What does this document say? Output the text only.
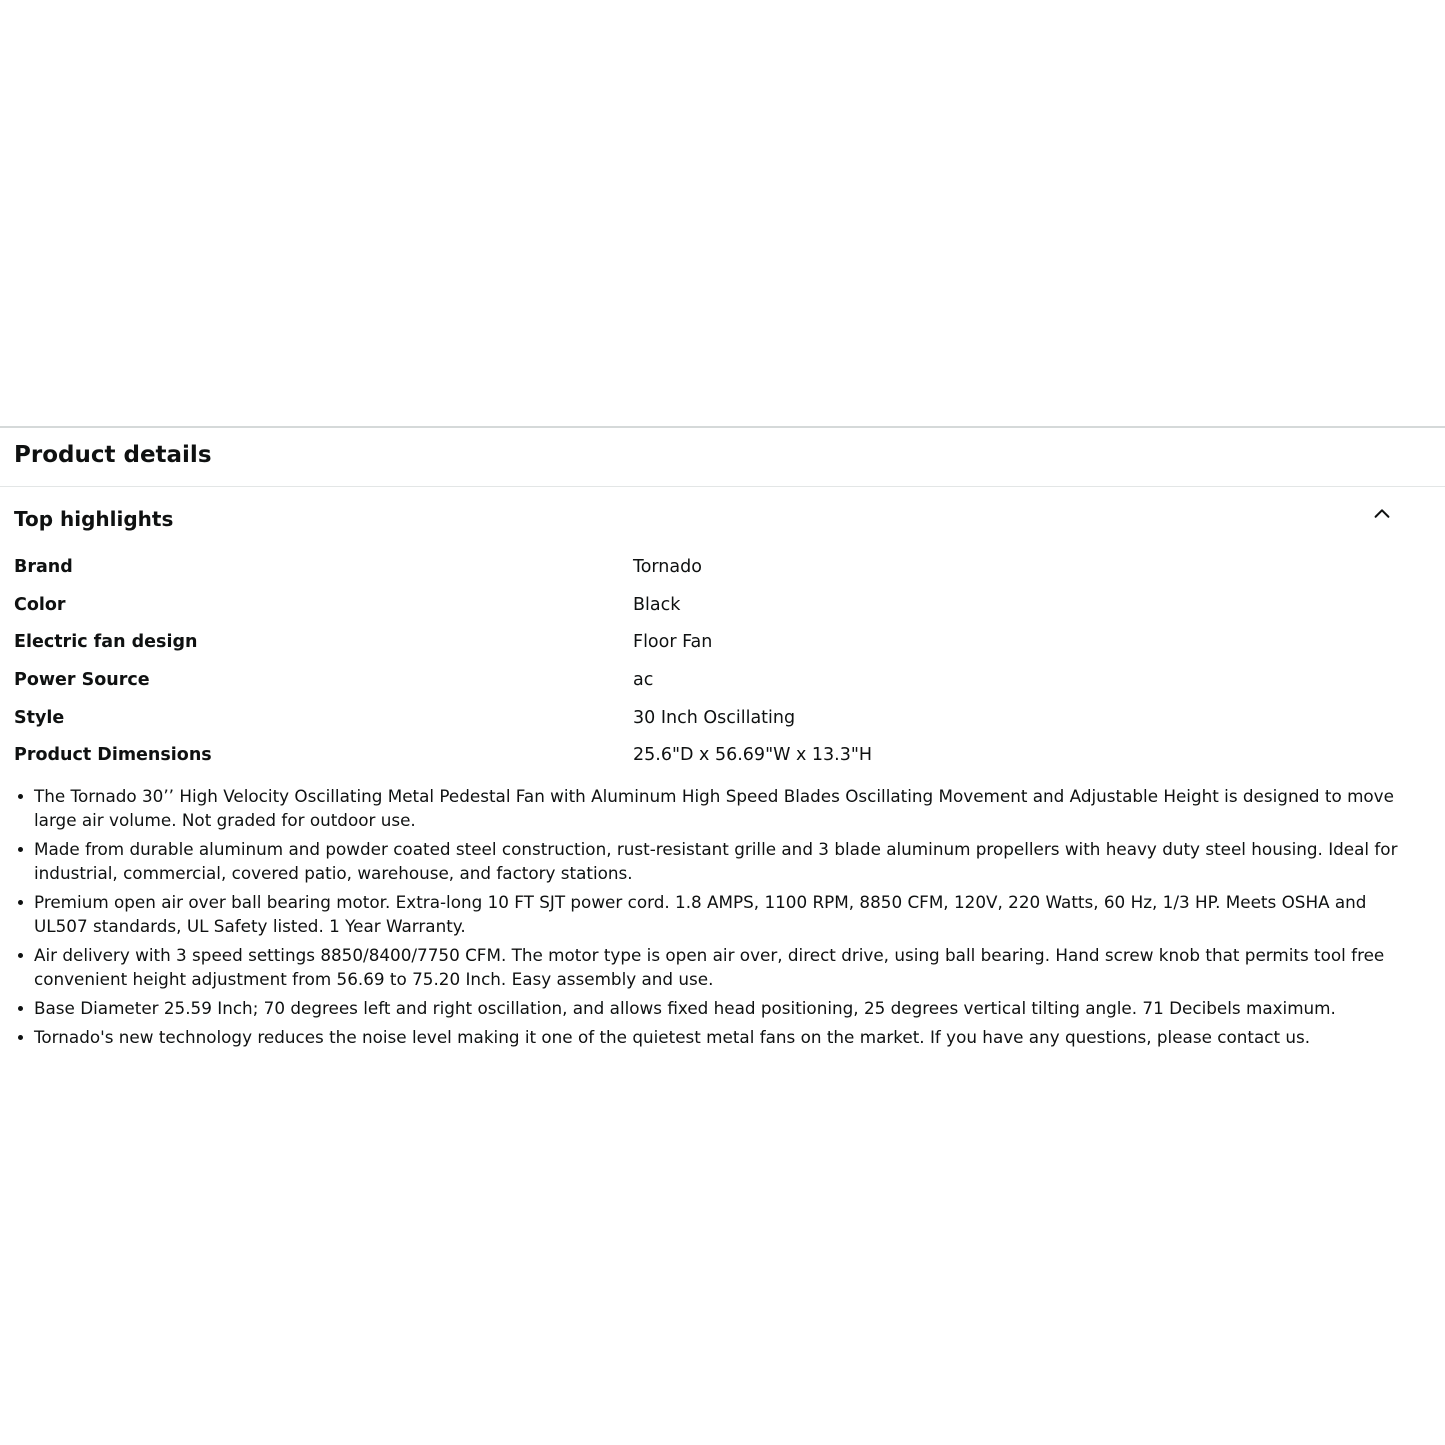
Product details
Top highlights
Brand	Tornado
Color	Black
Electric fan design	Floor Fan
Power Source	ac
Style	30 Inch Oscillating
Product Dimensions	25.6"D x 56.69"W x 13.3"H
The Tornado 30’’ High Velocity Oscillating Metal Pedestal Fan with Aluminum High Speed Blades Oscillating Movement and Adjustable Height is designed to move large air volume. Not graded for outdoor use.
Made from durable aluminum and powder coated steel construction, rust-resistant grille and 3 blade aluminum propellers with heavy duty steel housing. Ideal for industrial, commercial, covered patio, warehouse, and factory stations.
Premium open air over ball bearing motor. Extra-long 10 FT SJT power cord. 1.8 AMPS, 1100 RPM, 8850 CFM, 120V, 220 Watts, 60 Hz, 1/3 HP. Meets OSHA and UL507 standards, UL Safety listed. 1 Year Warranty.
Air delivery with 3 speed settings 8850/8400/7750 CFM. The motor type is open air over, direct drive, using ball bearing. Hand screw knob that permits tool free convenient height adjustment from 56.69 to 75.20 Inch. Easy assembly and use.
Base Diameter 25.59 Inch; 70 degrees left and right oscillation, and allows fixed head positioning, 25 degrees vertical tilting angle. 71 Decibels maximum.
Tornado's new technology reduces the noise level making it one of the quietest metal fans on the market. If you have any questions, please contact us.
